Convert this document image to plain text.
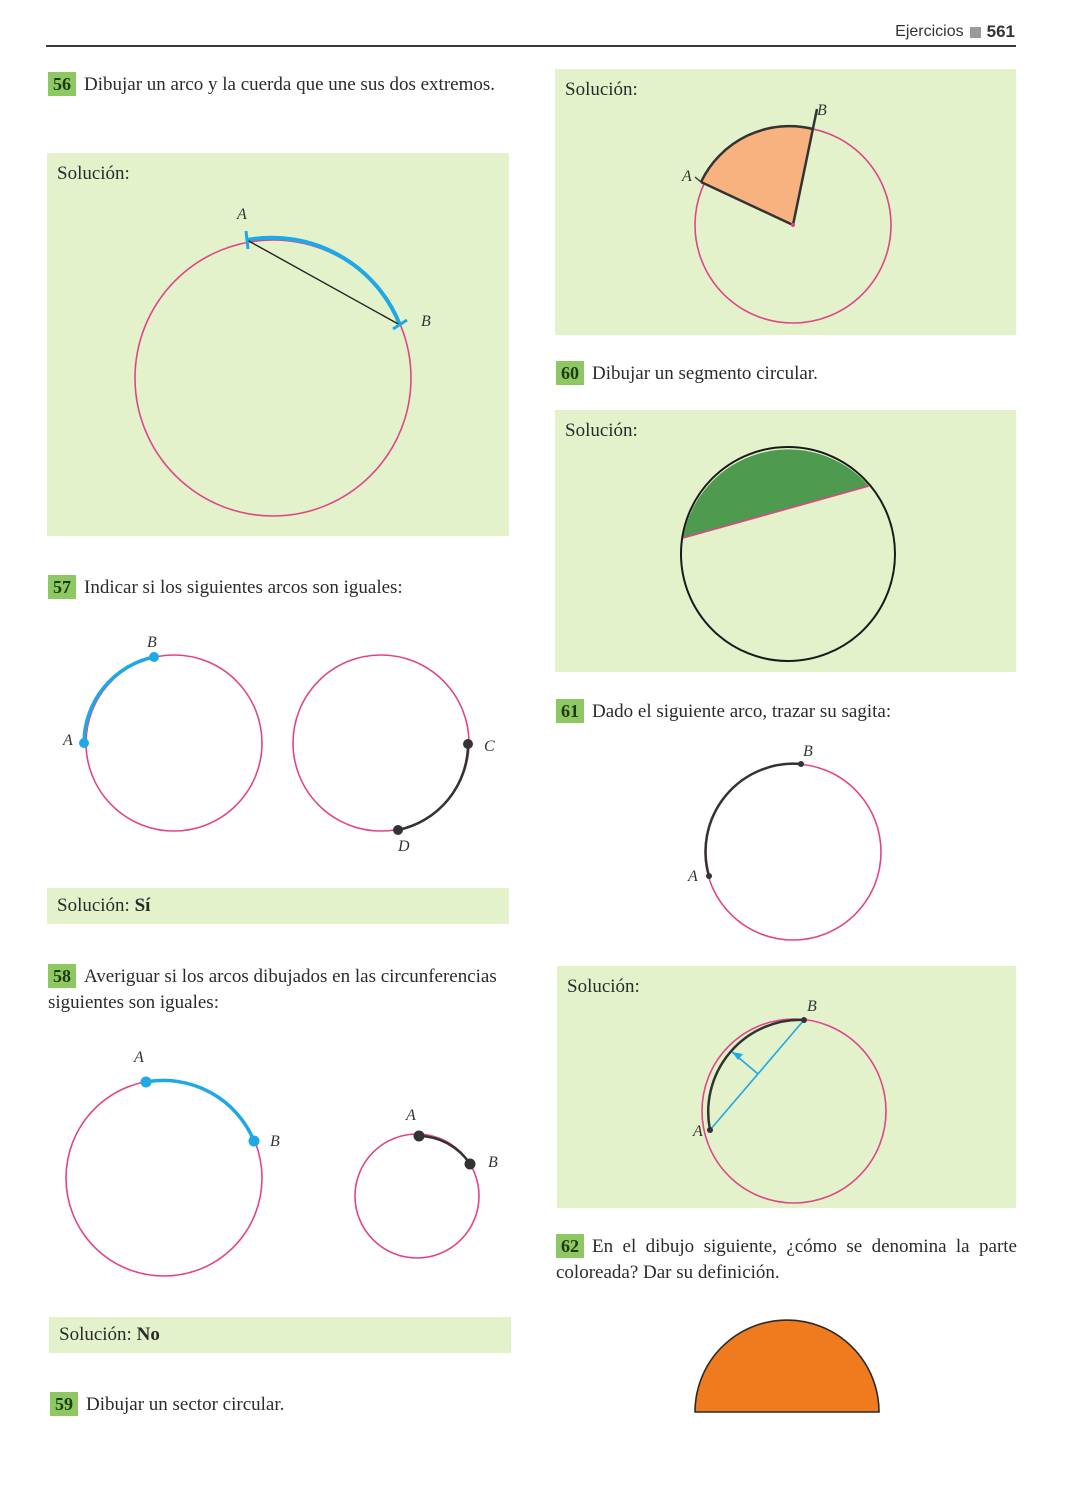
Ejercicios 561
56 Dibujar un arco y la cuerda que une sus dos extremos.
Solución:
A
B
57 Indicar si los siguientes arcos son iguales:
A
B
C
D
Solución: Sí
58 Averiguar si los arcos dibujados en las circunferencias siguientes son iguales:
A
B
A
B
Solución: No
59 Dibujar un sector circular.
Solución:
A
B
60 Dibujar un segmento circular.
Solución:
61 Dado el siguiente arco, trazar su sagita:
A
B
Solución:
A
B
62 En el dibujo siguiente, ¿cómo se denomina la parte coloreada? Dar su definición.
